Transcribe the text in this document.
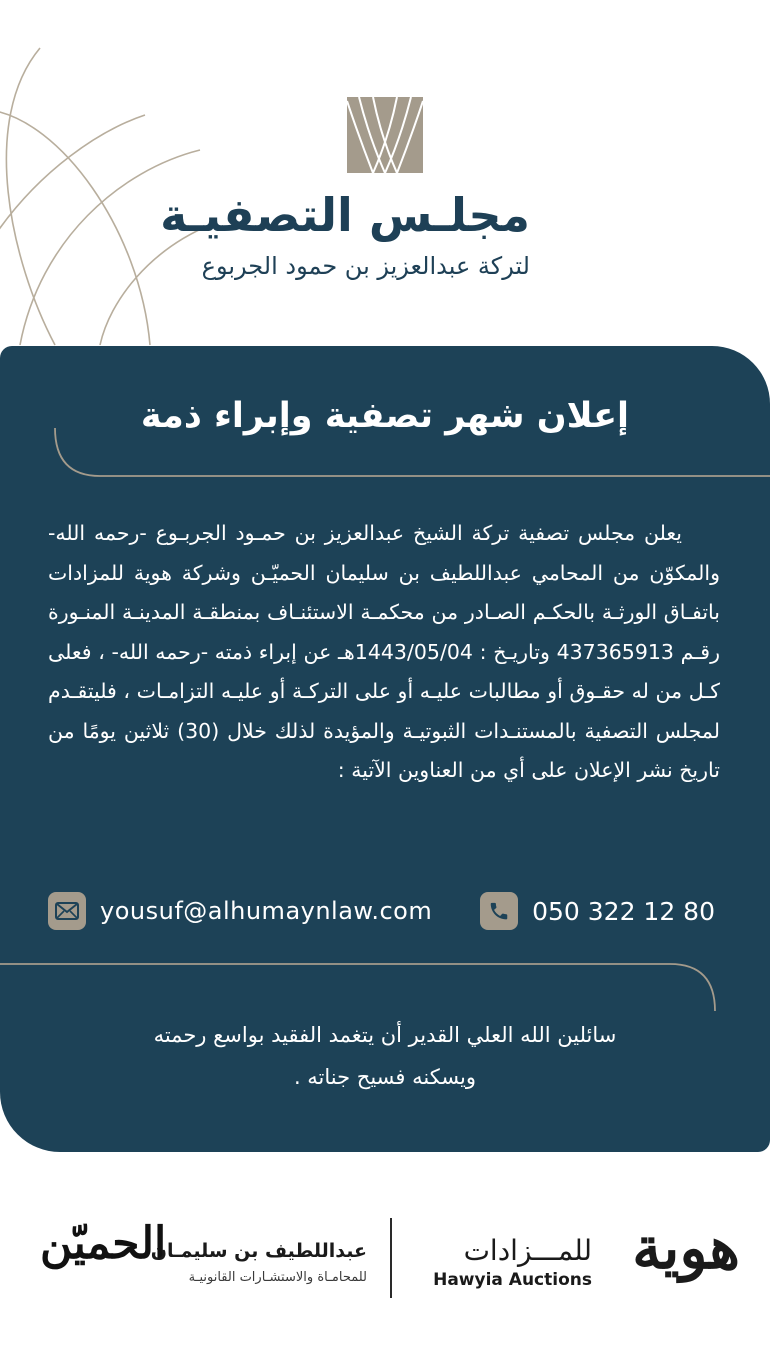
مجلـس التصفيـة
لتركة عبدالعزيز بن حمود الجربوع
إعلان شهر تصفية وإبراء ذمة
يعلن مجلس تصفية تركة الشيخ عبدالعزيز بن حمـود الجربـوع -رحمه الله- والمكوّن من المحامي عبداللطيف بن سليمان الحميّـن وشركة هوية للمزادات باتفـاق الورثـة بالحكـم الصـادر من محكمـة الاستئنـاف بمنطقـة المدينـة المنـورة رقـم 437365913 وتاريـخ : 1443/05/04هـ عن إبراء ذمته -رحمه الله- ، فعلى كـل من له حقـوق أو مطالبات عليـه أو على التركـة أو عليـه التزامـات ، فليتقـدم لمجلس التصفية بالمستنـدات الثبوتيـة والمؤيدة لذلك خلال (30) ثلاثين يومًا من تاريخ نشر الإعلان على أي من العناوين الآتية :
yousuf@alhumaynlaw.com	050 322 12 80
سائلين الله العلي القدير أن يتغمد الفقيد بواسع رحمته
ويسكنه فسيح جناته .
هوية
للمـــزادات
Hawyia Auctions
الحميّن
عبداللطيف بن سليمـان
للمحامـاة والاستشـارات القانونيـة
